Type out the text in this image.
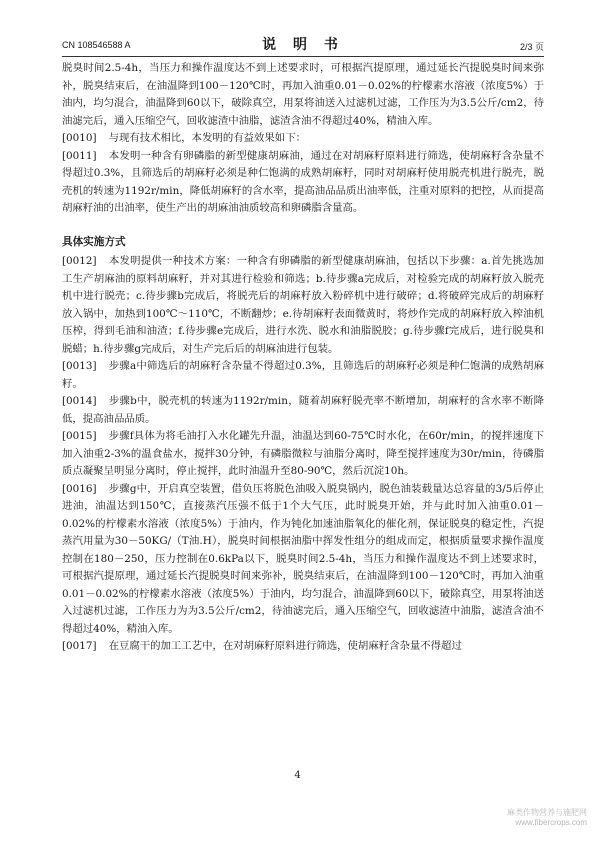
CN 108546588 A	说 明 书	2/3 页

脱臭时间2.5-4h，当压力和操作温度达不到上述要求时，可根据汽提原理，通过延长汽提脱臭时间来弥补，脱臭结束后，在油温降到100－120℃时，再加入油重0.01－0.02%的柠檬素水溶液（浓度5%）于油内，均匀混合，油温降到60以下，破除真空，用泵将油送入过滤机过滤，工作压为为3.5公斤/cm2，待油滤完后，通入压缩空气，回收滤渣中油脂，滤渣含油不得超过40%，精油入库。

[0010] 与现有技术相比，本发明的有益效果如下：

[0011] 本发明一种含有卵磷脂的新型健康胡麻油，通过在对胡麻籽原料进行筛选，使胡麻籽含杂量不得超过0.3%，且筛选后的胡麻籽必须是种仁饱满的成熟胡麻籽，同时对胡麻籽使用脱壳机进行脱壳，脱壳机的转速为1192r/min，降低胡麻籽的含水率，提高油品品质出油率低，注重对原料的把控，从而提高胡麻籽油的出油率，使生产出的胡麻油油质较高和卵磷脂含量高。

具体实施方式

[0012] 本发明提供一种技术方案：一种含有卵磷脂的新型健康胡麻油，包括以下步骤：a.首先挑选加工生产胡麻油的原料胡麻籽，并对其进行检验和筛选；b.待步骤a完成后，对检验完成的胡麻籽放入脱壳机中进行脱壳；c.待步骤b完成后，将脱壳后的胡麻籽放入粉碎机中进行破碎；d.将破碎完成后的胡麻籽放入锅中，加热到100℃～110℃，不断翻炒；e.待胡麻籽表面微黄时，将炒作完成的胡麻籽放入榨油机压榨，得到毛油和油渣；f.待步骤e完成后，进行水洗、脱水和油脂脱胶；g.待步骤f完成后，进行脱臭和脱蜡；h.待步骤g完成后，对生产完后后的胡麻油进行包装。

[0013] 步骤a中筛选后的胡麻籽含杂量不得超过0.3%，且筛选后的胡麻籽必须是种仁饱满的成熟胡麻籽。

[0014] 步骤b中，脱壳机的转速为1192r/min，随着胡麻籽脱壳率不断增加，胡麻籽的含水率不断降低，提高油品品质。

[0015] 步骤f具体为将毛油打入水化罐先升温，油温达到60-75℃时水化，在60r/min，的搅拌速度下加入油重2-3%的温食盐水，搅拌30分钟，有磷脂微粒与油脂分离时，降至搅拌速度为30r/min，待磷脂质点凝聚呈明显分离时，停止搅拌，此时油温升至80-90℃，然后沉淀10h。

[0016] 步骤g中，开启真空装置，借负压将脱色油吸入脱臭锅内，脱色油装载量达总容量的3/5后停止进油，油温达到150℃，直接蒸汽压强不低于1个大气压，此时脱臭开始，并与此时加入油重0.01－0.02%的柠檬素水溶液（浓度5%）于油内，作为钝化加速油脂氧化的催化剂，保证脱臭的稳定性，汽提蒸汽用量为30－50KG/（T油.H），脱臭时间根据油脂中挥发性组分的组成而定，根据质量要求操作温度控制在180－250，压力控制在0.6kPa以下，脱臭时间2.5-4h，当压力和操作温度达不到上述要求时，可根据汽提原理，通过延长汽提脱臭时间来弥补，脱臭结束后，在油温降到100－120℃时，再加入油重0.01－0.02%的柠檬素水溶液（浓度5%）于油内，均匀混合，油温降到60以下，破除真空，用泵将油送入过滤机过滤，工作压力为为3.5公斤/cm2，待油滤完后，通入压缩空气，回收滤渣中油脂，滤渣含油不得超过40%，精油入库。

[0017] 在豆腐干的加工工艺中，在对胡麻籽原料进行筛选，使胡麻籽含杂量不得超过

4
麻类作物营养与施肥网
www.fibercrops.com
